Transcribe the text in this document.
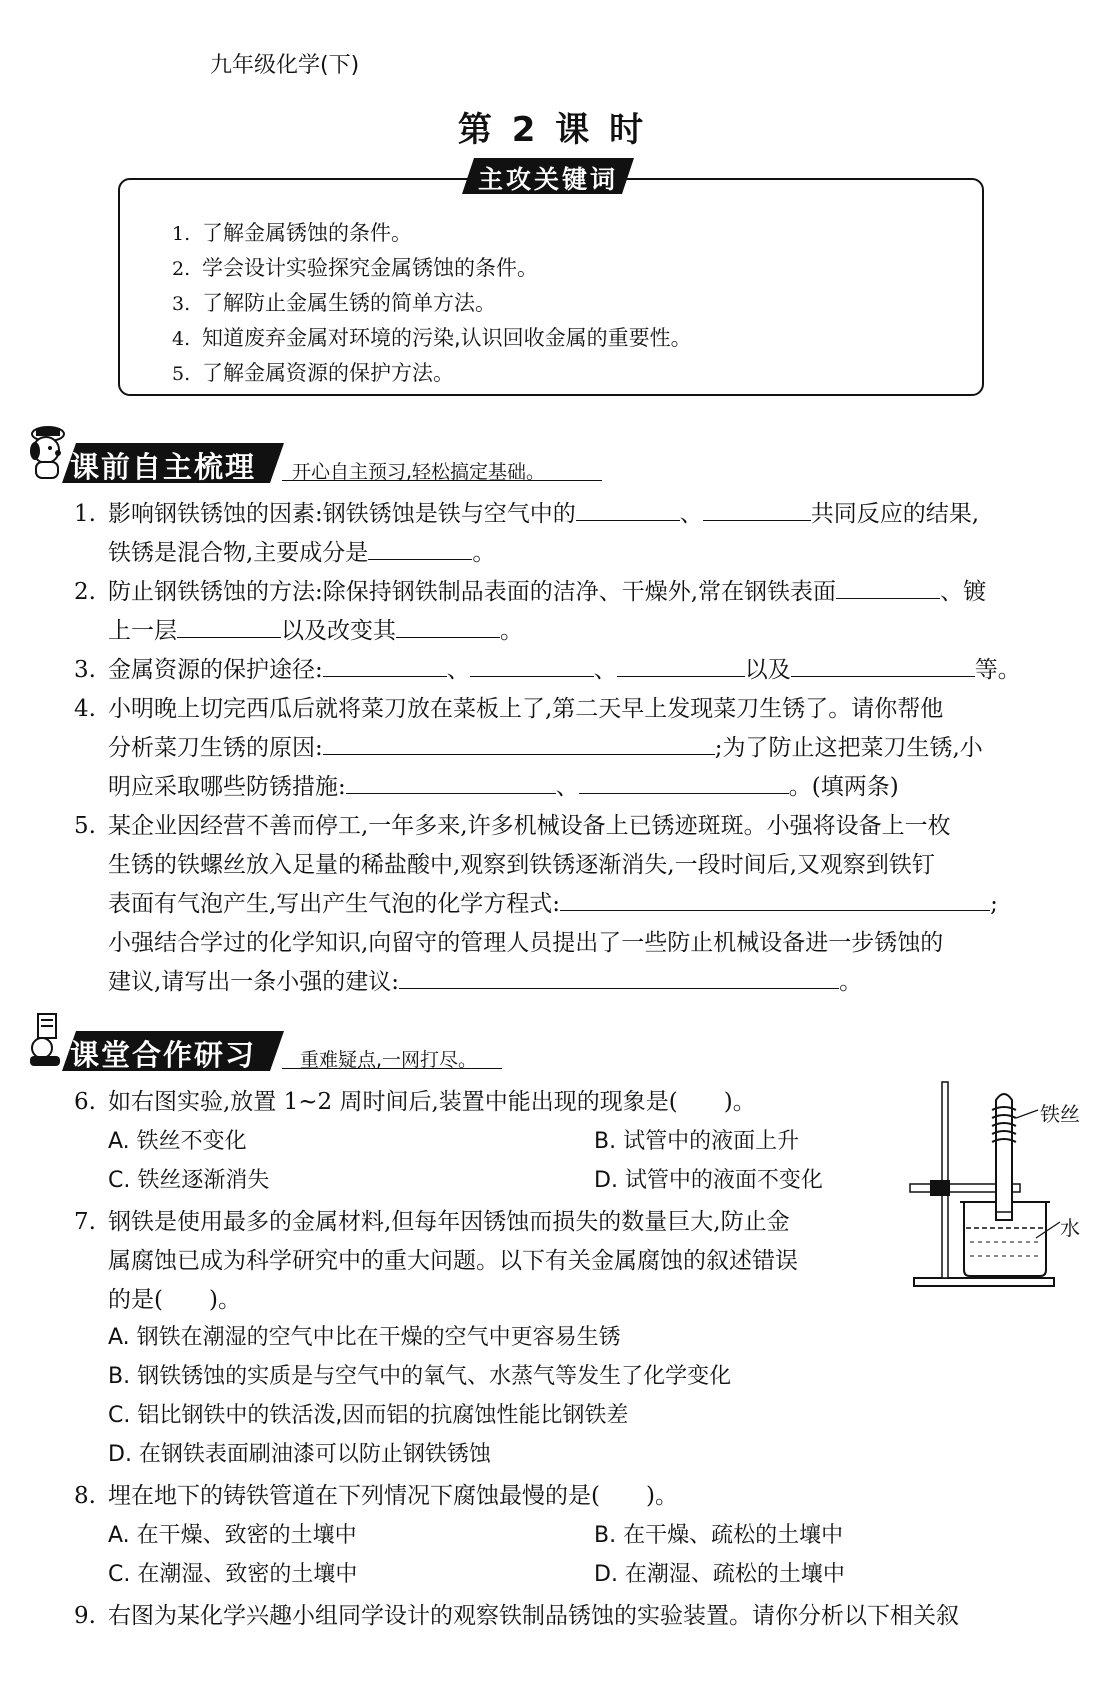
九年级化学(下)
第 2 课 时
主攻关键词
1. 了解金属锈蚀的条件。
2. 学会设计实验探究金属锈蚀的条件。
3. 了解防止金属生锈的简单方法。
4. 知道废弃金属对环境的污染,认识回收金属的重要性。
5. 了解金属资源的保护方法。
课前自主梳理 开心自主预习,轻松搞定基础。
1. 影响钢铁锈蚀的因素:钢铁锈蚀是铁与空气中的	、	共同反应的结果,
铁锈是混合物,主要成分是	。
2. 防止钢铁锈蚀的方法:除保持钢铁制品表面的洁净、干燥外,常在钢铁表面	、镀
上一层	以及改变其	。
3. 金属资源的保护途径:	、	、	以及	等。
4. 小明晚上切完西瓜后就将菜刀放在菜板上了,第二天早上发现菜刀生锈了。请你帮他
分析菜刀生锈的原因:	;为了防止这把菜刀生锈,小
明应采取哪些防锈措施:	、	。(填两条)
5. 某企业因经营不善而停工,一年多来,许多机械设备上已锈迹斑斑。小强将设备上一枚
生锈的铁螺丝放入足量的稀盐酸中,观察到铁锈逐渐消失,一段时间后,又观察到铁钉
表面有气泡产生,写出产生气泡的化学方程式:	;
小强结合学过的化学知识,向留守的管理人员提出了一些防止机械设备进一步锈蚀的
建议,请写出一条小强的建议:	。
课堂合作研习 重难疑点,一网打尽。
6. 如右图实验,放置 1~2 周时间后,装置中能出现的现象是(　　)。
A. 铁丝不变化	B. 试管中的液面上升
C. 铁丝逐渐消失	D. 试管中的液面不变化
铁丝
水
7. 钢铁是使用最多的金属材料,但每年因锈蚀而损失的数量巨大,防止金
属腐蚀已成为科学研究中的重大问题。以下有关金属腐蚀的叙述错误
的是(　　)。
A. 钢铁在潮湿的空气中比在干燥的空气中更容易生锈
B. 钢铁锈蚀的实质是与空气中的氧气、水蒸气等发生了化学变化
C. 铝比钢铁中的铁活泼,因而铝的抗腐蚀性能比钢铁差
D. 在钢铁表面刷油漆可以防止钢铁锈蚀
8. 埋在地下的铸铁管道在下列情况下腐蚀最慢的是(　　)。
A. 在干燥、致密的土壤中	B. 在干燥、疏松的土壤中
C. 在潮湿、致密的土壤中	D. 在潮湿、疏松的土壤中
9. 右图为某化学兴趣小组同学设计的观察铁制品锈蚀的实验装置。请你分析以下相关叙
